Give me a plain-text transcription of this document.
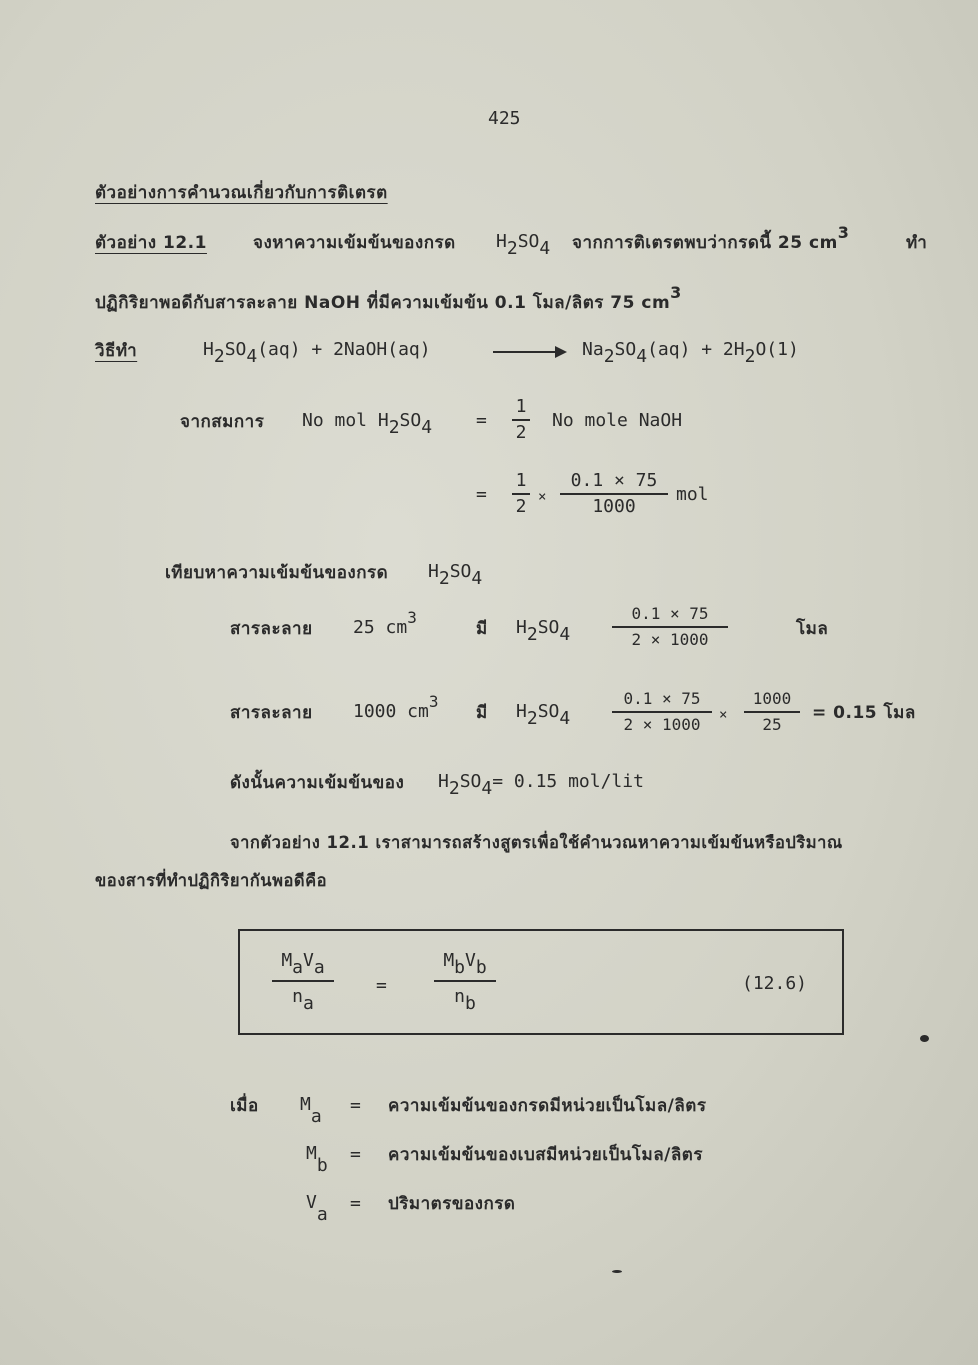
425
ตัวอย่างการคำนวณเกี่ยวกับการติเตรต
ตัวอย่าง 12.1	จงหาความเข้มข้นของกรด $H_2SO_4$ จากการติเตรตพบว่ากรดนี้ 25 $cm^3$
ทำ
ปฏิกิริยาพอดีกับสารละลาย NaOH ที่มีความเข้มข้น 0.1 โมล/ลิตร 75 $cm^3$
วิธีทำ	$H_2SO_4(aq)$ + 2NaOH(aq)	$Na_2SO_4(aq) + 2H_2O(1)$
จากสมการ No mol $H_2SO_4$ =
1
2
No mole NaOH
=
1
2 ×
0.1 × 75
1000
mol
เทียบหาความเข้มข้นของกรด $H_2SO_4$
สารละลาย 25 $cm^3$
มี $H_2SO_4$
0.1 × 75
2 × 1000
โมล
สารละลาย 1000 $cm^3$
มี $H_2SO_4$
0.1 × 75
2 × 1000	×
1000
25
= 0.15 โมล
ดังนั้นความเข้มข้นของ $H_2SO_4= 0.15$ mol/lit
จากตัวอย่าง 12.1 เราสามารถสร้างสูตรเพื่อใช้คำนวณหาความเข้มข้นหรือปริมาณ
ของสารที่ทำปฏิกิริยากันพอดีคือ
$M_aV_a$
$n_a$
=
$M_bV_b$
$n_b$
(12.6)
เมื่อ $M_a$
= ความเข้มข้นของกรดมีหน่วยเป็นโมล/ลิตร
$M_b$
= ความเข้มข้นของเบสมีหน่วยเป็นโมล/ลิตร
$V_a$
= ปริมาตรของกรด
